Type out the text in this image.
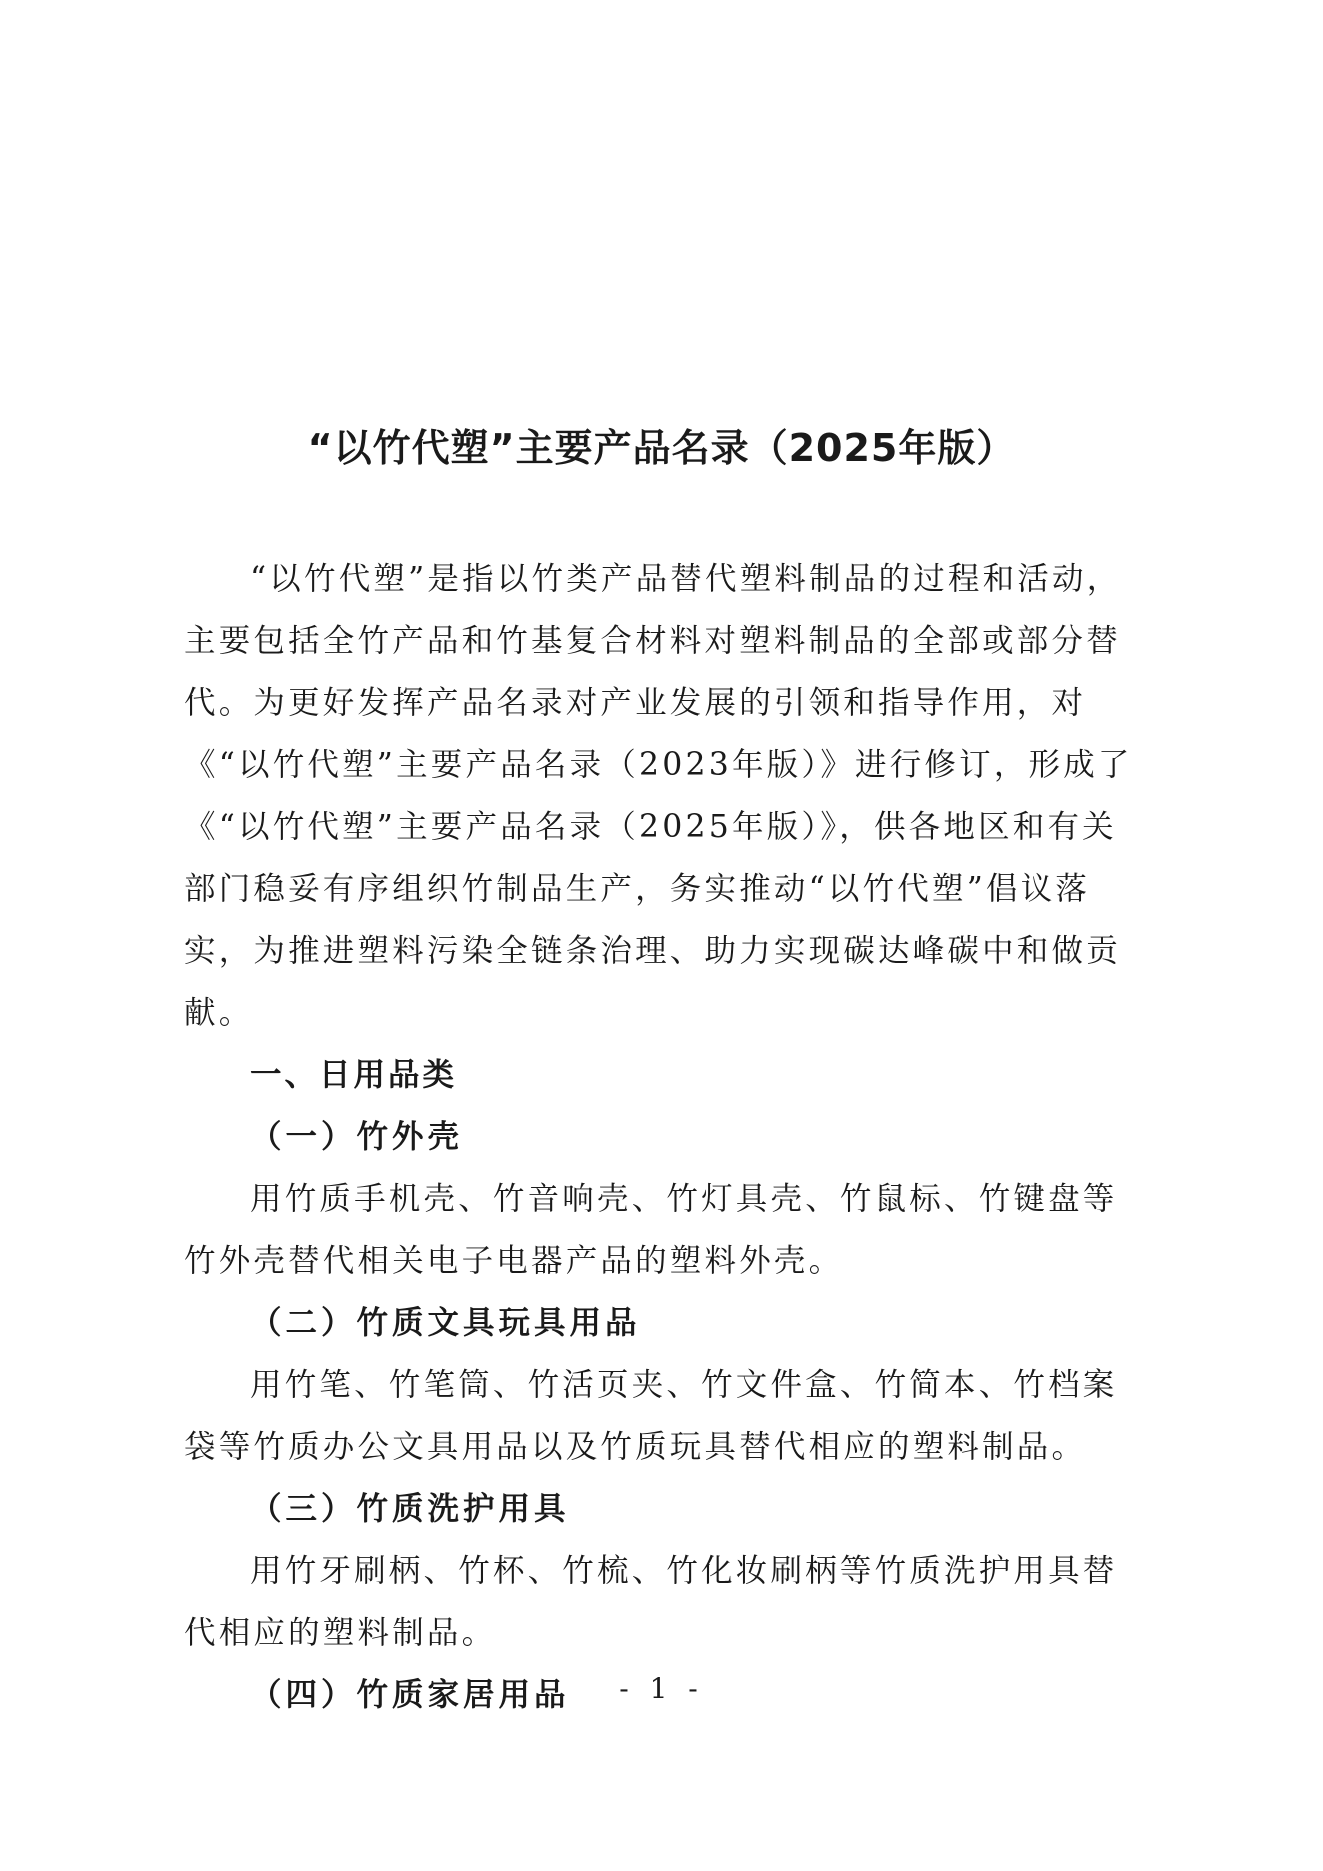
“以竹代塑”主要产品名录（2025年版）

“以竹代塑”是指以竹类产品替代塑料制品的过程和活动，主要包括全竹产品和竹基复合材料对塑料制品的全部或部分替代。为更好发挥产品名录对产业发展的引领和指导作用，对《“以竹代塑”主要产品名录（2023年版）》进行修订，形成了《“以竹代塑”主要产品名录（2025年版）》，供各地区和有关部门稳妥有序组织竹制品生产，务实推动“以竹代塑”倡议落实，为推进塑料污染全链条治理、助力实现碳达峰碳中和做贡献。

一、日用品类

（一）竹外壳

用竹质手机壳、竹音响壳、竹灯具壳、竹鼠标、竹键盘等竹外壳替代相关电子电器产品的塑料外壳。

（二）竹质文具玩具用品

用竹笔、竹笔筒、竹活页夹、竹文件盒、竹简本、竹档案袋等竹质办公文具用品以及竹质玩具替代相应的塑料制品。

（三）竹质洗护用具

用竹牙刷柄、竹杯、竹梳、竹化妆刷柄等竹质洗护用具替代相应的塑料制品。

（四）竹质家居用品	- 1 -
